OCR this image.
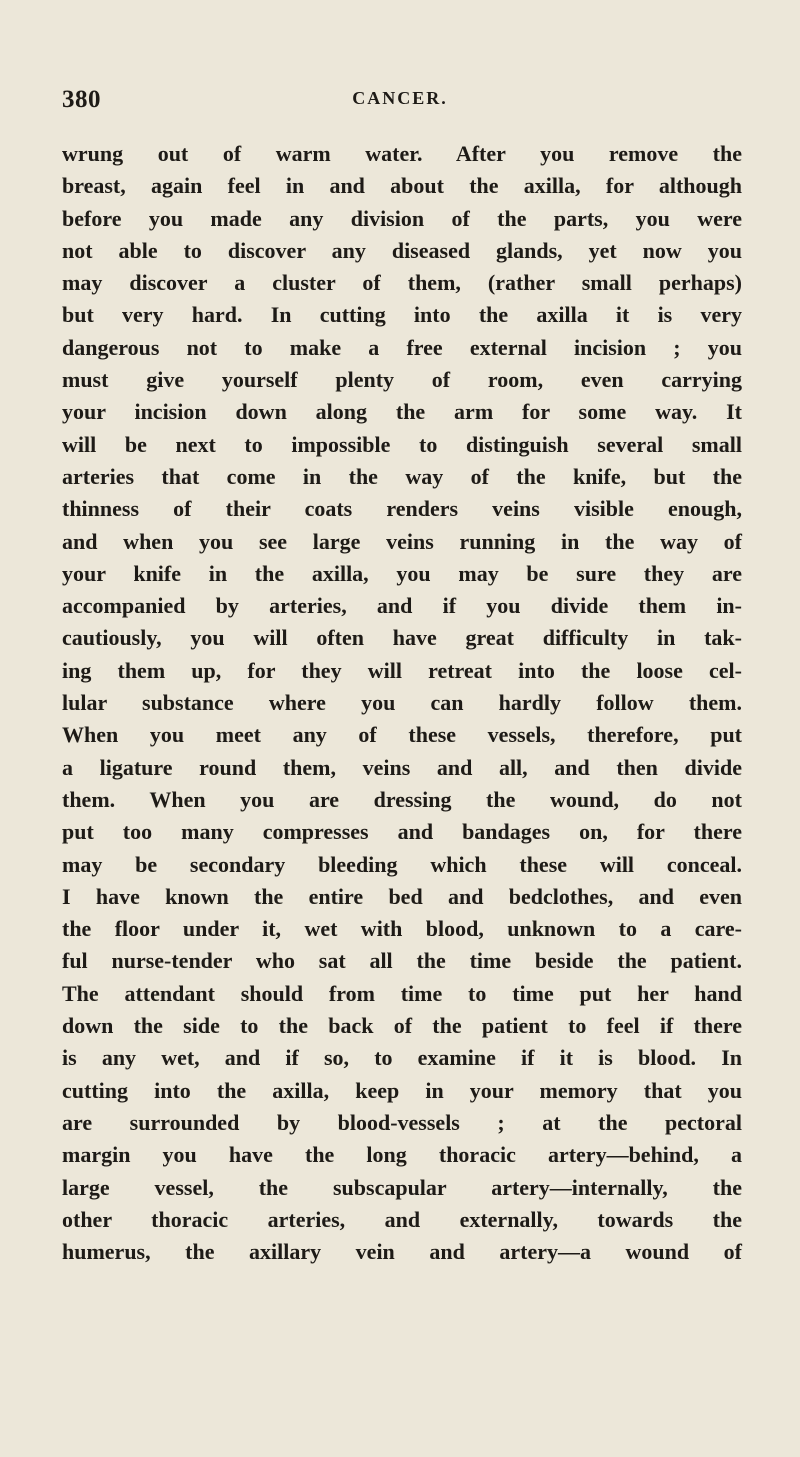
380	CANCER.
wrung out of warm water. After you remove the
breast, again feel in and about the axilla, for although
before you made any division of the parts, you were
not able to discover any diseased glands, yet now you
may discover a cluster of them, (rather small perhaps)
but very hard. In cutting into the axilla it is very
dangerous not to make a free external incision ; you
must give yourself plenty of room, even carrying
your incision down along the arm for some way. It
will be next to impossible to distinguish several small
arteries that come in the way of the knife, but the
thinness of their coats renders veins visible enough,
and when you see large veins running in the way of
your knife in the axilla, you may be sure they are
accompanied by arteries, and if you divide them in-
cautiously, you will often have great difficulty in tak-
ing them up, for they will retreat into the loose cel-
lular substance where you can hardly follow them.
When you meet any of these vessels, therefore, put
a ligature round them, veins and all, and then divide
them. When you are dressing the wound, do not
put too many compresses and bandages on, for there
may be secondary bleeding which these will conceal.
I have known the entire bed and bedclothes, and even
the floor under it, wet with blood, unknown to a care-
ful nurse-tender who sat all the time beside the patient.
The attendant should from time to time put her hand
down the side to the back of the patient to feel if there
is any wet, and if so, to examine if it is blood. In
cutting into the axilla, keep in your memory that you
are surrounded by blood-vessels ; at the pectoral
margin you have the long thoracic artery—behind, a
large vessel, the subscapular artery—internally, the
other thoracic arteries, and externally, towards the
humerus, the axillary vein and artery—a wound of
